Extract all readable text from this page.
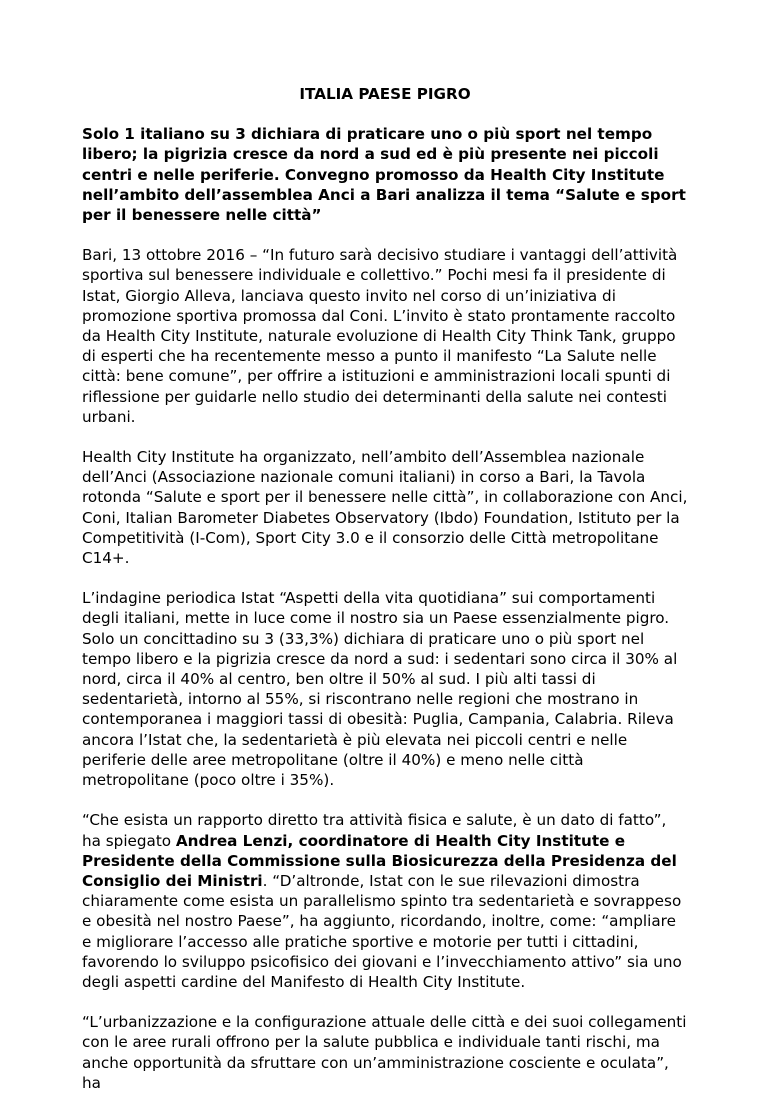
ITALIA PAESE PIGRO
Solo 1 italiano su 3 dichiara di praticare uno o più sport nel tempo libero; la pigrizia cresce da nord a sud ed è più presente nei piccoli centri e nelle periferie. Convegno promosso da Health City Institute nell’ambito dell’assemblea Anci a Bari analizza il tema “Salute e sport per il benessere nelle città”

Bari, 13 ottobre 2016 – “In futuro sarà decisivo studiare i vantaggi dell’attività sportiva sul benessere individuale e collettivo.” Pochi mesi fa il presidente di Istat, Giorgio Alleva, lanciava questo invito nel corso di un’iniziativa di promozione sportiva promossa dal Coni. L’invito è stato prontamente raccolto da Health City Institute, naturale evoluzione di Health City Think Tank, gruppo di esperti che ha recentemente messo a punto il manifesto “La Salute nelle città: bene comune”, per offrire a istituzioni e amministrazioni locali spunti di riflessione per guidarle nello studio dei determinanti della salute nei contesti urbani.

Health City Institute ha organizzato, nell’ambito dell’Assemblea nazionale dell’Anci (Associazione nazionale comuni italiani) in corso a Bari, la Tavola rotonda “Salute e sport per il benessere nelle città”, in collaborazione con Anci, Coni, Italian Barometer Diabetes Observatory (Ibdo) Foundation, Istituto per la Competitività (I-Com), Sport City 3.0 e il consorzio delle Città metropolitane C14+.

L’indagine periodica Istat “Aspetti della vita quotidiana” sui comportamenti degli italiani, mette in luce come il nostro sia un Paese essenzialmente pigro. Solo un concittadino su 3 (33,3%) dichiara di praticare uno o più sport nel tempo libero e la pigrizia cresce da nord a sud: i sedentari sono circa il 30% al nord, circa il 40% al centro, ben oltre il 50% al sud. I più alti tassi di sedentarietà, intorno al 55%, si riscontrano nelle regioni che mostrano in contemporanea i maggiori tassi di obesità: Puglia, Campania, Calabria. Rileva ancora l’Istat che, la sedentarietà è più elevata nei piccoli centri e nelle periferie delle aree metropolitane (oltre il 40%) e meno nelle città metropolitane (poco oltre i 35%).

“Che esista un rapporto diretto tra attività fisica e salute, è un dato di fatto”, ha spiegato Andrea Lenzi, coordinatore di Health City Institute e Presidente della Commissione sulla Biosicurezza della Presidenza del Consiglio dei Ministri. “D’altronde, Istat con le sue rilevazioni dimostra chiaramente come esista un parallelismo spinto tra sedentarietà e sovrappeso e obesità nel nostro Paese”, ha aggiunto, ricordando, inoltre, come: “ampliare e migliorare l’accesso alle pratiche sportive e motorie per tutti i cittadini, favorendo lo sviluppo psicofisico dei giovani e l’invecchiamento attivo” sia uno degli aspetti cardine del Manifesto di Health City Institute.

“L’urbanizzazione e la configurazione attuale delle città e dei suoi collegamenti con le aree rurali offrono per la salute pubblica e individuale tanti rischi, ma anche opportunità da sfruttare con un’amministrazione cosciente e oculata”, ha
